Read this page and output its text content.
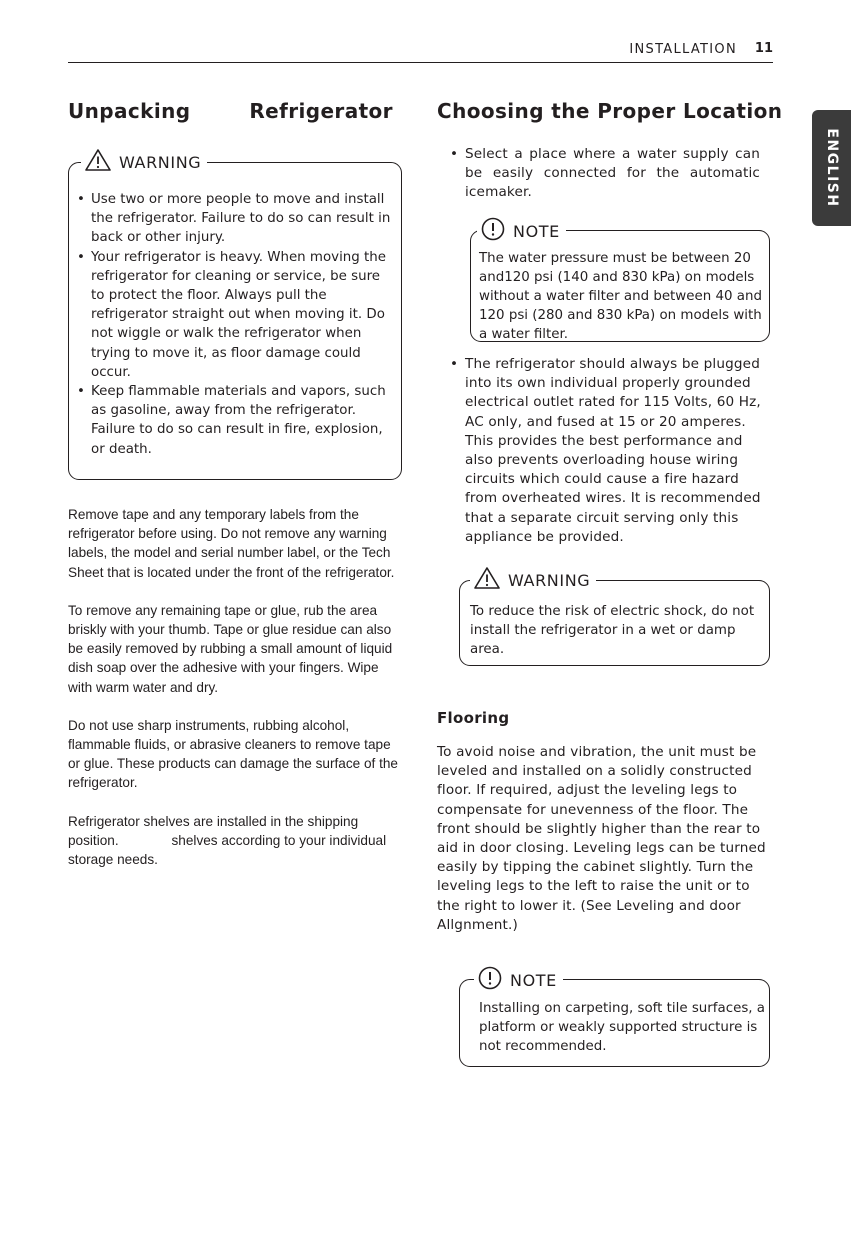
INSTALLATION 11
ENGLISH
Unpacking        Refrigerator
WARNING
• Use two or more people to move and install the refrigerator. Failure to do so can result in back or other injury.
• Your refrigerator is heavy. When moving the refrigerator for cleaning or service, be sure to protect the floor. Always pull the refrigerator straight out when moving it. Do not wiggle or walk the refrigerator when trying to move it, as floor damage could occur.
• Keep flammable materials and vapors, such as gasoline, away from the refrigerator. Failure to do so can result in fire, explosion, or death.

Remove tape and any temporary labels from the refrigerator before using. Do not remove any warning labels, the model and serial number label, or the Tech Sheet that is located under the front of the refrigerator.

To remove any remaining tape or glue, rub the area briskly with your thumb. Tape or glue residue can also be easily removed by rubbing a small amount of liquid dish soap over the adhesive with your fingers. Wipe with warm water and dry.

Do not use sharp instruments, rubbing alcohol, flammable fluids, or abrasive cleaners to remove tape or glue. These products can damage the surface of the refrigerator.

Refrigerator shelves are installed in the shipping position.              shelves according to your individual storage needs.

Choosing the Proper Location
• Select a place where a water supply can be easily connected for the automatic icemaker.
NOTE
The water pressure must be between 20 and120 psi (140 and 830 kPa) on models without a water filter and between 40 and 120 psi (280 and 830 kPa) on models with a water filter.
• The refrigerator should always be plugged into its own individual properly grounded electrical outlet rated for 115 Volts, 60 Hz, AC only, and fused at 15 or 20 amperes. This provides the best performance and also prevents overloading house wiring circuits which could cause a fire hazard from overheated wires. It is recommended that a separate circuit serving only this appliance be provided.
WARNING
To reduce the risk of electric shock, do not install the refrigerator in a wet or damp area.
Flooring

To avoid noise and vibration, the unit must be leveled and installed on a solidly constructed floor. If required, adjust the leveling legs to compensate for unevenness of the floor. The front should be slightly higher than the rear to aid in door closing. Leveling legs can be turned easily by tipping the cabinet slightly. Turn the leveling legs to the left to raise the unit or to the right to lower it. (See Leveling and door Allgnment.)

NOTE
Installing on carpeting, soft tile surfaces, a platform or weakly supported structure is not recommended.
